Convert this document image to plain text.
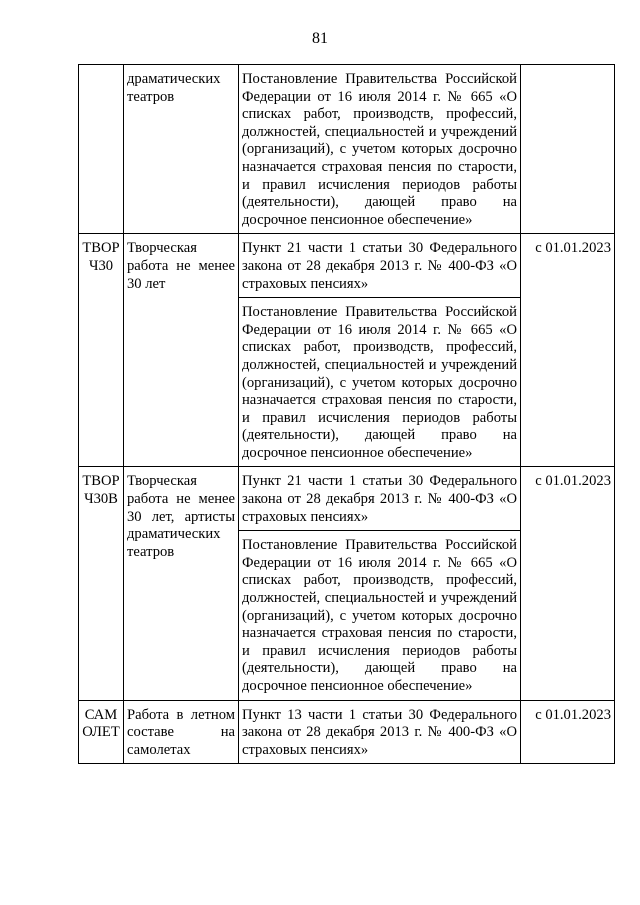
81
	драматических театров	Постановление Правительства Российской Федерации от 16 июля 2014 г. № 665 «О списках работ, производств, профессий, должностей, специальностей и учреждений (организаций), с учетом которых досрочно назначается страховая пенсия по старости, и правил исчисления периодов работы (деятельности), дающей право на досрочное пенсионное обеспечение»	
ТВОР Ч30	Творческая работа не менее 30 лет	Пункт 21 части 1 статьи 30 Федерального закона от 28 декабря 2013 г. № 400-ФЗ «О страховых пенсиях»	с 01.01.2023
		Постановление Правительства Российской Федерации от 16 июля 2014 г. № 665 «О списках работ, производств, профессий, должностей, специальностей и учреждений (организаций), с учетом которых досрочно назначается страховая пенсия по старости, и правил исчисления периодов работы (деятельности), дающей право на досрочное пенсионное обеспечение»	
ТВОР Ч30В	Творческая работа не менее 30 лет, артисты драматических театров	Пункт 21 части 1 статьи 30 Федерального закона от 28 декабря 2013 г. № 400-ФЗ «О страховых пенсиях»	с 01.01.2023
		Постановление Правительства Российской Федерации от 16 июля 2014 г. № 665 «О списках работ, производств, профессий, должностей, специальностей и учреждений (организаций), с учетом которых досрочно назначается страховая пенсия по старости, и правил исчисления периодов работы (деятельности), дающей право на досрочное пенсионное обеспечение»	
САМ ОЛЕТ	Работа в летном составе на самолетах	Пункт 13 части 1 статьи 30 Федерального закона от 28 декабря 2013 г. № 400-ФЗ «О страховых пенсиях»	с 01.01.2023
